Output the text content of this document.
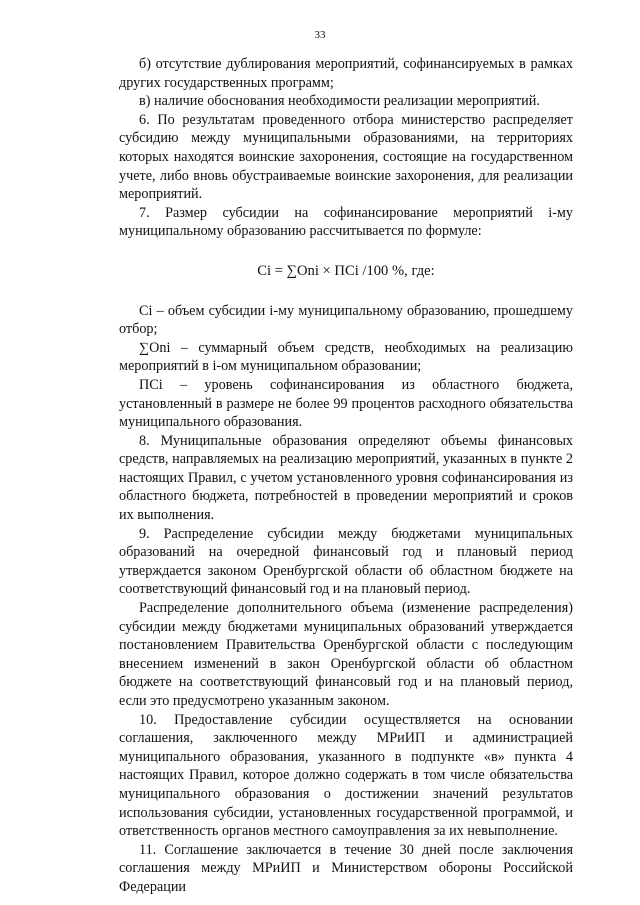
33

б) отсутствие дублирования мероприятий, софинансируемых в рамках других государственных программ;

в) наличие обоснования необходимости реализации мероприятий.

6. По результатам проведенного отбора министерство распределяет субсидию между муниципальными образованиями, на территориях которых находятся воинские захоронения, состоящие на государственном учете, либо вновь обустраиваемые воинские захоронения, для реализации мероприятий.

7. Размер субсидии на софинансирование мероприятий i-му муниципальному образованию рассчитывается по формуле:

Сi = ∑Оni × ПСi /100 %, где:

Сi – объем субсидии i-му муниципальному образованию, прошедшему отбор;

∑Оni – суммарный объем средств, необходимых на реализацию мероприятий в i-ом муниципальном образовании;

ПСi – уровень софинансирования из областного бюджета, установленный в размере не более 99 процентов расходного обязательства муниципального образования.

8. Муниципальные образования определяют объемы финансовых средств, направляемых на реализацию мероприятий, указанных в пункте 2 настоящих Правил, с учетом установленного уровня софинансирования из областного бюджета, потребностей в проведении мероприятий и сроков их выполнения.

9. Распределение субсидии между бюджетами муниципальных образований на очередной финансовый год и плановый период утверждается законом Оренбургской области об областном бюджете на соответствующий финансовый год и на плановый период.

Распределение дополнительного объема (изменение распределения) субсидии между бюджетами муниципальных образований утверждается постановлением Правительства Оренбургской области с последующим внесением изменений в закон Оренбургской области об областном бюджете на соответствующий финансовый год и на плановый период, если это предусмотрено указанным законом.

10. Предоставление субсидии осуществляется на основании соглашения, заключенного между МРиИП и администрацией муниципального образования, указанного в подпункте «в» пункта 4 настоящих Правил, которое должно содержать в том числе обязательства муниципального образования о достижении значений результатов использования субсидии, установленных государственной программой, и ответственность органов местного самоуправления за их невыполнение.

11. Соглашение заключается в течение 30 дней после заключения соглашения между МРиИП и Министерством обороны Российской Федерации
